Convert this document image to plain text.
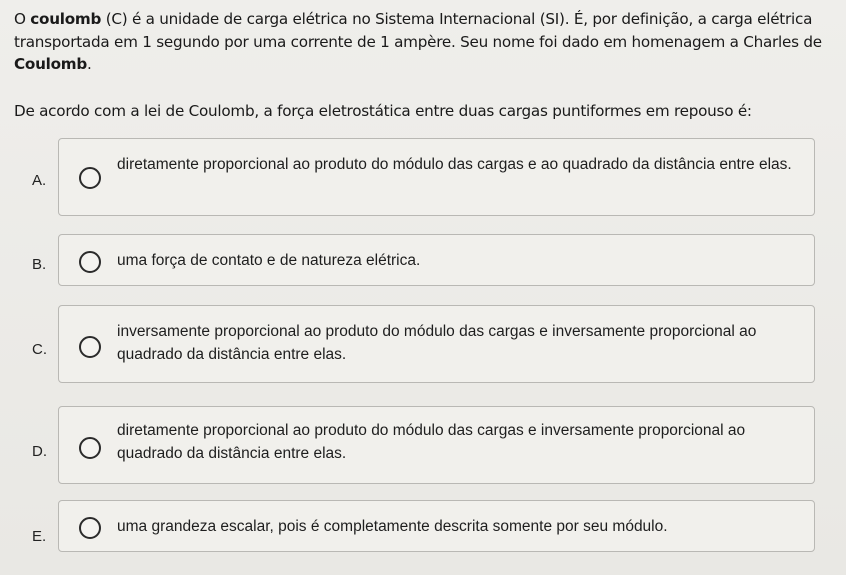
O coulomb (C) é a unidade de carga elétrica no Sistema Internacional (SI). É, por definição, a carga elétrica transportada em 1 segundo por uma corrente de 1 ampère. Seu nome foi dado em homenagem a Charles de Coulomb.
De acordo com a lei de Coulomb, a força eletrostática entre duas cargas puntiformes em repouso é:
A.
diretamente proporcional ao produto do módulo das cargas e ao quadrado da distância entre elas.
B.	uma força de contato e de natureza elétrica.
C.
inversamente proporcional ao produto do módulo das cargas e inversamente proporcional ao quadrado da distância entre elas.
D.
diretamente proporcional ao produto do módulo das cargas e inversamente proporcional ao quadrado da distância entre elas.
E.
uma grandeza escalar, pois é completamente descrita somente por seu módulo.
